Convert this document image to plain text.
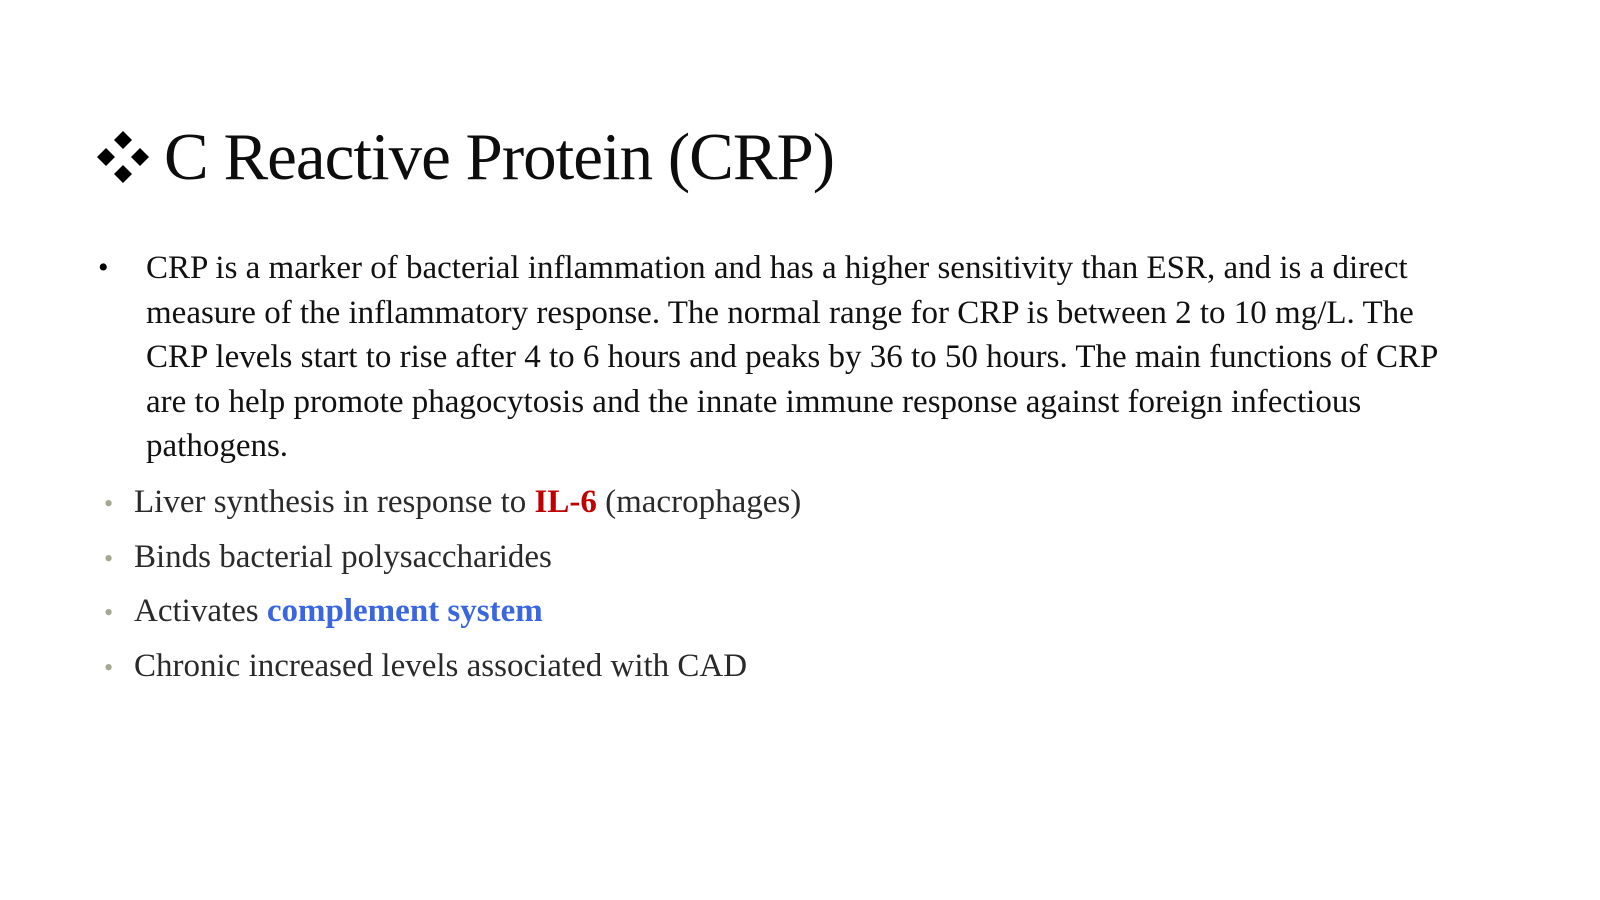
C Reactive Protein (CRP)
•	CRP is a marker of bacterial inflammation and has a higher sensitivity than ESR, and is a direct measure of the inflammatory response. The normal range for CRP is between 2 to 10 mg/L. The CRP levels start to rise after 4 to 6 hours and peaks by 36 to 50 hours. The main functions of CRP are to help promote phagocytosis and the innate immune response against foreign infectious pathogens.
• Liver synthesis in response to IL-6 (macrophages)
• Binds bacterial polysaccharides
• Activates complement system
• Chronic increased levels associated with CAD
